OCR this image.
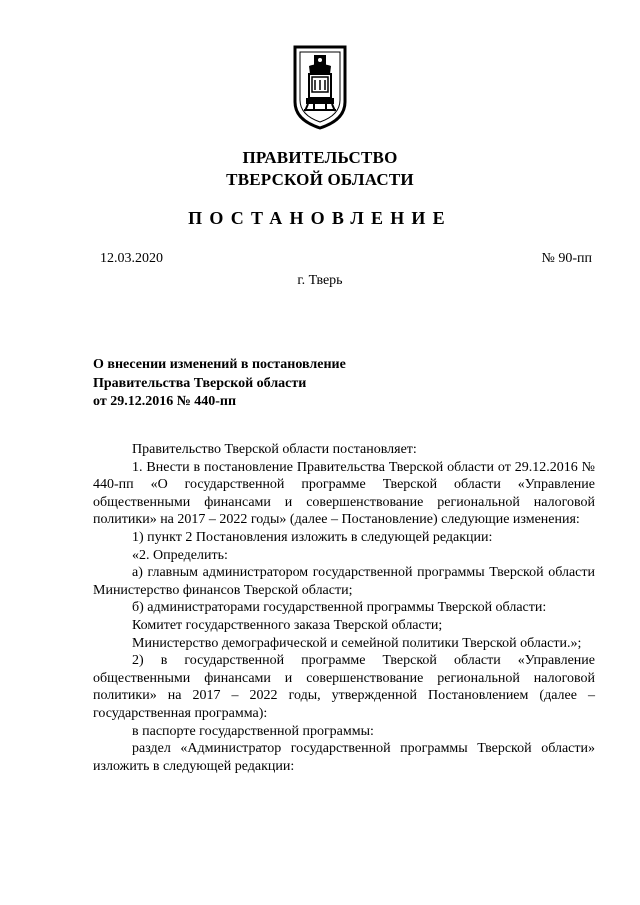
ПРАВИТЕЛЬСТВО
ТВЕРСКОЙ ОБЛАСТИ
ПОСТАНОВЛЕНИЕ
12.03.2020	№ 90-пп
г. Тверь
О внесении изменений в постановление
Правительства Тверской области
от 29.12.2016 № 440-пп

Правительство Тверской области постановляет:

1. Внести в постановление Правительства Тверской области от 29.12.2016 № 440-пп «О государственной программе Тверской области «Управление общественными финансами и совершенствование региональной налоговой политики» на 2017 – 2022 годы» (далее – Постановление) следующие изменения:

1) пункт 2 Постановления изложить в следующей редакции:

«2. Определить:

а) главным администратором государственной программы Тверской области Министерство финансов Тверской области;

б) администраторами государственной программы Тверской области:

Комитет государственного заказа Тверской области;

Министерство демографической и семейной политики Тверской области.»;

2) в государственной программе Тверской области «Управление общественными финансами и совершенствование региональной налоговой политики» на 2017 – 2022 годы, утвержденной Постановлением (далее – государственная программа):

в паспорте государственной программы:

раздел «Администратор государственной программы Тверской области» изложить в следующей редакции:
